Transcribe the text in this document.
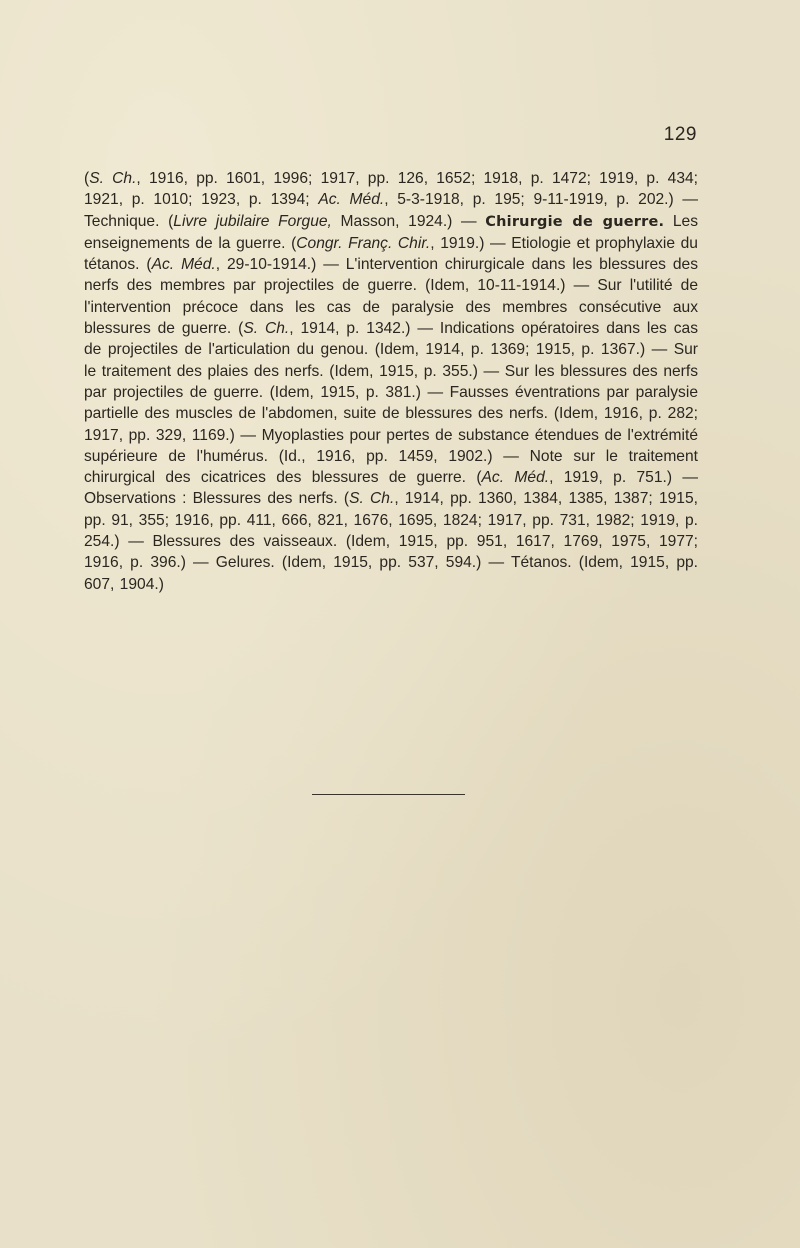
129

(S. Ch., 1916, pp. 1601, 1996; 1917, pp. 126, 1652; 1918, p. 1472; 1919, p. 434; 1921, p. 1010; 1923, p. 1394; Ac. Méd., 5-3-1918, p. 195; 9-11-1919, p. 202.) — Technique. (Livre jubilaire Forgue, Masson, 1924.) — Chirurgie de guerre. Les enseignements de la guerre. (Congr. Franç. Chir., 1919.) — Etiologie et prophylaxie du tétanos. (Ac. Méd., 29-10-1914.) — L'intervention chirurgicale dans les blessures des nerfs des membres par projectiles de guerre. (Idem, 10-11-1914.) — Sur l'utilité de l'intervention précoce dans les cas de paralysie des membres consécutive aux blessures de guerre. (S. Ch., 1914, p. 1342.) — Indications opératoires dans les cas de projectiles de l'articulation du genou. (Idem, 1914, p. 1369; 1915, p. 1367.) — Sur le traitement des plaies des nerfs. (Idem, 1915, p. 355.) — Sur les blessures des nerfs par projectiles de guerre. (Idem, 1915, p. 381.) — Fausses éventrations par paralysie partielle des muscles de l'abdomen, suite de blessures des nerfs. (Idem, 1916, p. 282; 1917, pp. 329, 1169.) — Myoplasties pour pertes de substance étendues de l'extrémité supérieure de l'humérus. (Id., 1916, pp. 1459, 1902.) — Note sur le traitement chirurgical des cicatrices des blessures de guerre. (Ac. Méd., 1919, p. 751.) — Observations : Blessures des nerfs. (S. Ch., 1914, pp. 1360, 1384, 1385, 1387; 1915, pp. 91, 355; 1916, pp. 411, 666, 821, 1676, 1695, 1824; 1917, pp. 731, 1982; 1919, p. 254.) — Blessures des vaisseaux. (Idem, 1915, pp. 951, 1617, 1769, 1975, 1977; 1916, p. 396.) — Gelures. (Idem, 1915, pp. 537, 594.) — Tétanos. (Idem, 1915, pp. 607, 1904.)
